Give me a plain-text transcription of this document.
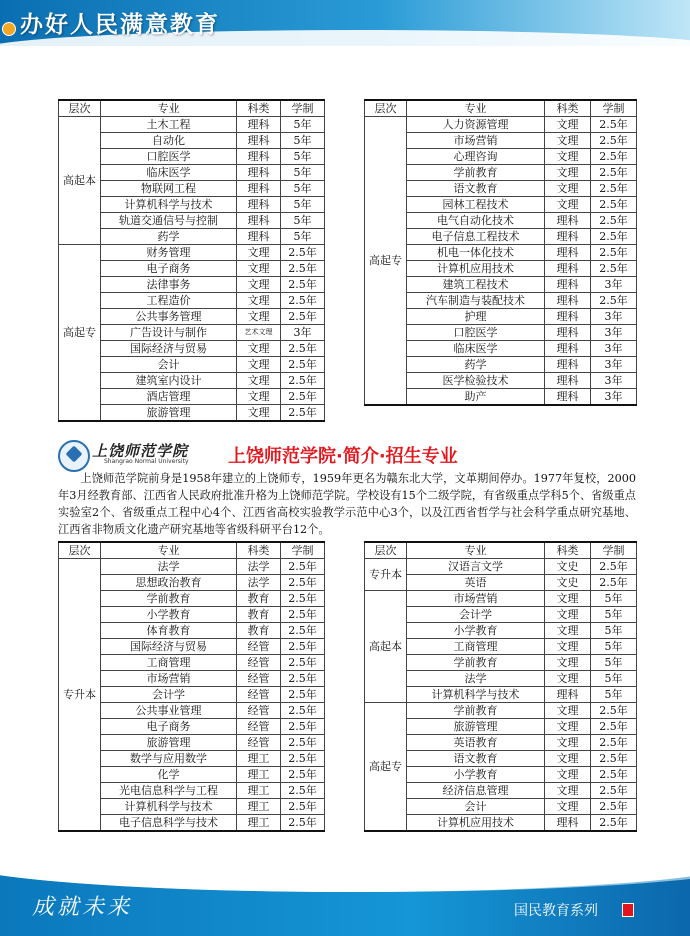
办好人民满意教育
层次	专业	科类	学制
高起本	土木工程	理科	5年
	自动化	理科	5年
	口腔医学	理科	5年
	临床医学	理科	5年
	物联网工程	理科	5年
	计算机科学与技术	理科	5年
	轨道交通信号与控制	理科	5年
	药学	理科	5年
高起专	财务管理	文理	2.5年
	电子商务	文理	2.5年
	法律事务	文理	2.5年
	工程造价	文理	2.5年
	公共事务管理	文理	2.5年
	广告设计与制作	艺术文理	3年
	国际经济与贸易	文理	2.5年
	会计	文理	2.5年
	建筑室内设计	文理	2.5年
	酒店管理	文理	2.5年
	旅游管理	文理	2.5年
层次	专业	科类	学制
高起专	人力资源管理	文理	2.5年
	市场营销	文理	2.5年
	心理咨询	文理	2.5年
	学前教育	文理	2.5年
	语文教育	文理	2.5年
	园林工程技术	文理	2.5年
	电气自动化技术	理科	2.5年
	电子信息工程技术	理科	2.5年
	机电一体化技术	理科	2.5年
	计算机应用技术	理科	2.5年
	建筑工程技术	理科	3年
	汽车制造与装配技术	理科	2.5年
	护理	理科	3年
	口腔医学	理科	3年
	临床医学	理科	3年
	药学	理科	3年
	医学检验技术	理科	3年
	助产	理科	3年
上饶师范学院
Shangrao Normal University 上饶师范学院·简介·招生专业

上饶师范学院前身是1958年建立的上饶师专，1959年更名为赣东北大学，文革期间停办。1977年复校，2000年3月经教育部、江西省人民政府批准升格为上饶师范学院。学校设有15个二级学院，有省级重点学科5个、省级重点实验室2个、省级重点工程中心4个、江西省高校实验教学示范中心3个，以及江西省哲学与社会科学重点研究基地、江西省非物质文化遗产研究基地等省级科研平台12个。

层次	专业	科类	学制
专升本	法学	法学	2.5年
	思想政治教育	法学	2.5年
	学前教育	教育	2.5年
	小学教育	教育	2.5年
	体育教育	教育	2.5年
	国际经济与贸易	经管	2.5年
	工商管理	经管	2.5年
	市场营销	经管	2.5年
	会计学	经管	2.5年
	公共事业管理	经管	2.5年
	电子商务	经管	2.5年
	旅游管理	经管	2.5年
	数学与应用数学	理工	2.5年
	化学	理工	2.5年
	光电信息科学与工程	理工	2.5年
	计算机科学与技术	理工	2.5年
	电子信息科学与技术	理工	2.5年
层次	专业	科类	学制
专升本	汉语言文学	文史	2.5年
	英语	文史	2.5年
高起本	市场营销	文理	5年
	会计学	文理	5年
	小学教育	文理	5年
	工商管理	文理	5年
	学前教育	文理	5年
	法学	文理	5年
	计算机科学与技术	理科	5年
高起专	学前教育	文理	2.5年
	旅游管理	文理	2.5年
	英语教育	文理	2.5年
	语文教育	文理	2.5年
	小学教育	文理	2.5年
	经济信息管理	文理	2.5年
	会计	文理	2.5年
	计算机应用技术	理科	2.5年
成就未来	国民教育系列
